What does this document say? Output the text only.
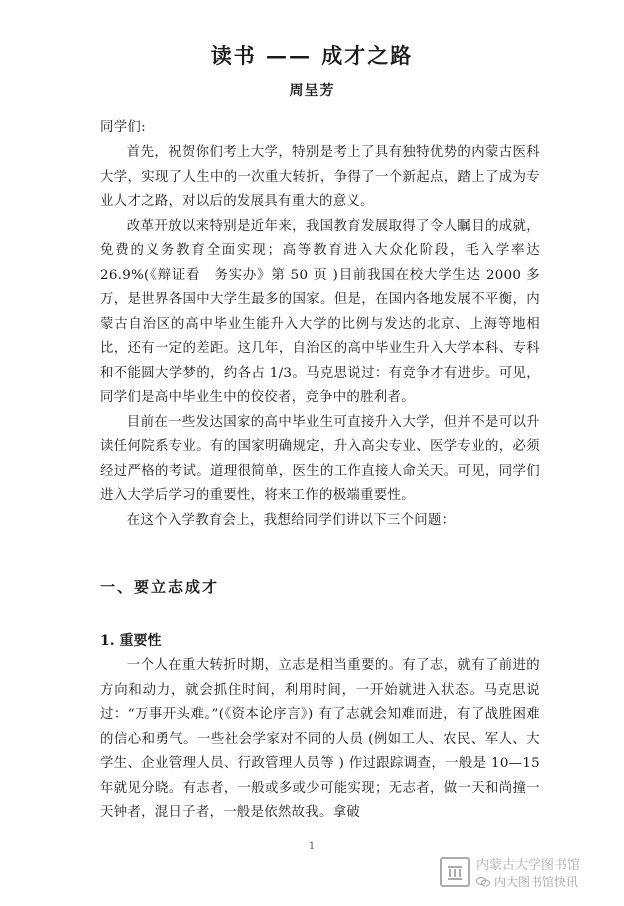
读书 —— 成才之路
周呈芳
同学们:

首先，祝贺你们考上大学，特别是考上了具有独特优势的内蒙古医科大学，实现了人生中的一次重大转折，争得了一个新起点，踏上了成为专业人才之路，对以后的发展具有重大的意义。

改革开放以来特别是近年来，我国教育发展取得了令人瞩目的成就，免费的义务教育全面实现；高等教育进入大众化阶段，毛入学率达 26.9%(《辩证看　务实办》第 50 页 )目前我国在校大学生达 2000 多万，是世界各国中大学生最多的国家。但是，在国内各地发展不平衡，内蒙古自治区的高中毕业生能升入大学的比例与发达的北京、上海等地相比，还有一定的差距。这几年，自治区的高中毕业生升入大学本科、专科和不能圆大学梦的，约各占 1/3。马克思说过：有竞争才有进步。可见，同学们是高中毕业生中的佼佼者，竞争中的胜利者。

目前在一些发达国家的高中毕业生可直接升入大学，但并不是可以升读任何院系专业。有的国家明确规定，升入高尖专业、医学专业的，必须经过严格的考试。道理很简单，医生的工作直接人命关天。可见，同学们进入大学后学习的重要性，将来工作的极端重要性。

在这个入学教育会上，我想给同学们讲以下三个问题：

一、要立志成才
1. 重要性

一个人在重大转折时期，立志是相当重要的。有了志，就有了前进的方向和动力，就会抓住时间，利用时间，一开始就进入状态。马克思说过：“万事开头难。”(《资本论序言》) 有了志就会知难而进，有了战胜困难的信心和勇气。一些社会学家对不同的人员 (例如工人、农民、军人、大学生、企业管理人员、行政管理人员等 ) 作过跟踪调查，一般是 10—15 年就见分晓。有志者，一般或多或少可能实现；无志者，做一天和尚撞一天钟者，混日子者，一般是依然故我。拿破

1
内蒙古大学图书馆
内大图书馆快讯
